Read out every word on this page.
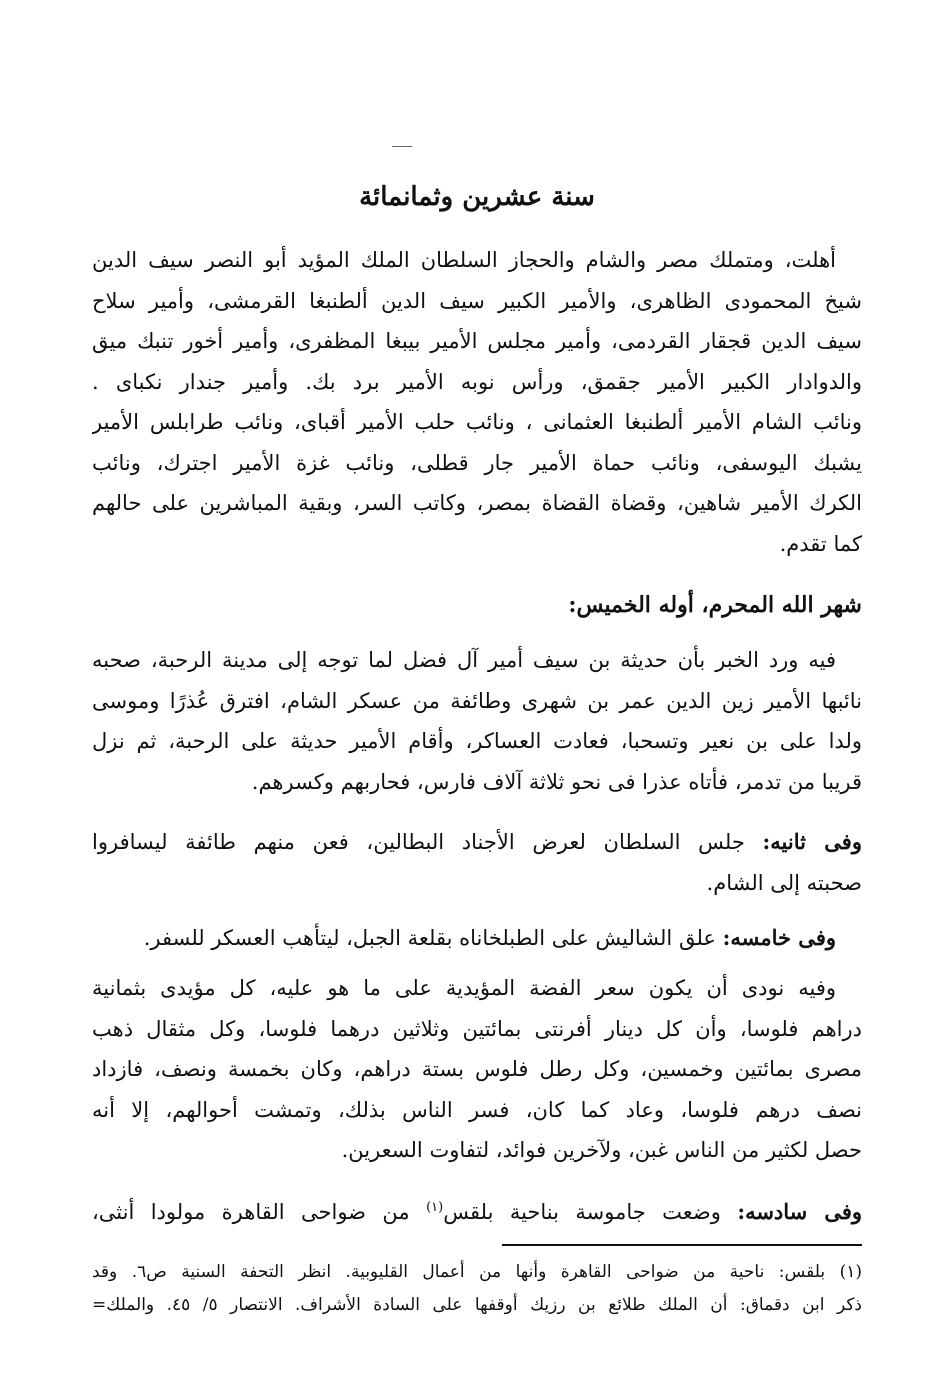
سنة عشرين وثمانمائة
أهلت، ومتملك مصر والشام والحجاز السلطان الملك المؤيد أبو النصر سيف الدين
شيخ المحمودى الظاهرى، والأمير الكبير سيف الدين ألطنبغا القرمشى، وأمير سلاح
سيف الدين قجقار القردمى، وأمير مجلس الأمير بيبغا المظفرى، وأمير أخور تنبك ميق
والدوادار الكبير الأمير جقمق، ورأس نوبه الأمير برد بك. وأمير جندار نكباى .
ونائب الشام الأمير ألطنبغا العثمانى ، ونائب حلب الأمير أقباى، ونائب طرابلس الأمير
يشبك اليوسفى، ونائب حماة الأمير جار قطلى، ونائب غزة الأمير اجترك، ونائب
الكرك الأمير شاهين، وقضاة القضاة بمصر، وكاتب السر، وبقية المباشرين على حالهم
كما تقدم.
شهر الله المحرم، أوله الخميس:
فيه ورد الخبر بأن حديثة بن سيف أمير آل فضل لما توجه إلى مدينة الرحبة، صحبه
نائبها الأمير زين الدين عمر بن شهرى وطائفة من عسكر الشام، افترق عُذرًا وموسى
ولدا على بن نعير وتسحبا، فعادت العساكر، وأقام الأمير حديثة على الرحبة، ثم نزل
قريبا من تدمر، فأتاه عذرا فى نحو ثلاثة آلاف فارس، فحاربهم وكسرهم.
وفى ثانيه: جلس السلطان لعرض الأجناد البطالين، فعن منهم طائفة ليسافروا
صحبته إلى الشام.
وفى خامسه: علق الشاليش على الطبلخاناه بقلعة الجبل، ليتأهب العسكر للسفر.
وفيه نودى أن يكون سعر الفضة المؤيدية على ما هو عليه، كل مؤيدى بثمانية
دراهم فلوسا، وأن كل دينار أفرنتى بمائتين وثلاثين درهما فلوسا، وكل مثقال ذهب
مصرى بمائتين وخمسين، وكل رطل فلوس بستة دراهم، وكان بخمسة ونصف، فازداد
نصف درهم فلوسا، وعاد كما كان، فسر الناس بذلك، وتمشت أحوالهم، إلا أنه
حصل لكثير من الناس غبن، ولآخرين فوائد، لتفاوت السعرين.
وفى سادسه: وضعت جاموسة بناحية بلقس$^{(١)}$ من ضواحى القاهرة مولودا أنثى،
(١) بلقس: ناحية من ضواحى القاهرة وأنها من أعمال القليوبية. انظر التحفة السنية ص٦. وقد
ذكر ابن دقماق: أن الملك طلائع بن رزيك أوقفها على السادة الأشراف. الانتصار ٥/ ٤٥. والملك=
